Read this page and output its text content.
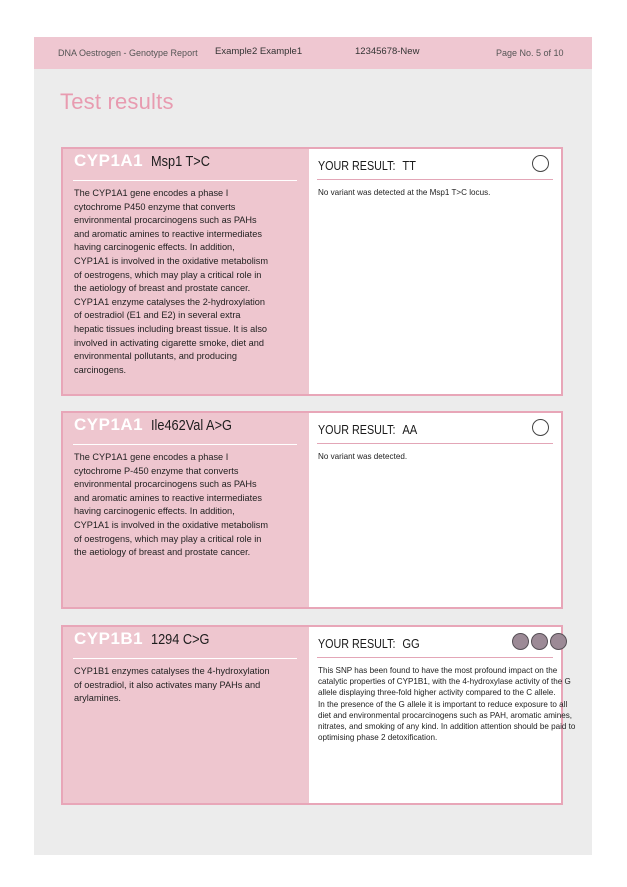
DNA Oestrogen - Genotype Report Example2 Example1	12345678-New	Page No. 5 of 10
Test results
CYP1A1 Msp1 T>C
The CYP1A1 gene encodes a phase I cytochrome P450 enzyme that converts environmental procarcinogens such as PAHs and aromatic amines to reactive intermediates having carcinogenic effects. In addition, CYP1A1 is involved in the oxidative metabolism of oestrogens, which may play a critical role in the aetiology of breast and prostate cancer. CYP1A1 enzyme catalyses the 2-hydroxylation of oestradiol (E1 and E2) in several extra hepatic tissues including breast tissue. It is also involved in activating cigarette smoke, diet and environmental pollutants, and producing carcinogens.
YOUR RESULT: TT

No variant was detected at the Msp1 T>C locus.

CYP1A1 Ile462Val A>G
The CYP1A1 gene encodes a phase I cytochrome P-450 enzyme that converts environmental procarcinogens such as PAHs and aromatic amines to reactive intermediates having carcinogenic effects. In addition, CYP1A1 is involved in the oxidative metabolism of oestrogens, which may play a critical role in the aetiology of breast and prostate cancer.
YOUR RESULT: AA

No variant was detected.

CYP1B1 1294 C>G
CYP1B1 enzymes catalyses the 4-hydroxylation of oestradiol, it also activates many PAHs and arylamines.
YOUR RESULT: GG

This SNP has been found to have the most profound impact on the catalytic properties of CYP1B1, with the 4-hydroxylase activity of the G allele displaying three-fold higher activity compared to the C allele.

In the presence of the G allele it is important to reduce exposure to all diet and environmental procarcinogens such as PAH, aromatic amines, nitrates, and smoking of any kind. In addition attention should be paid to optimising phase 2 detoxification.
